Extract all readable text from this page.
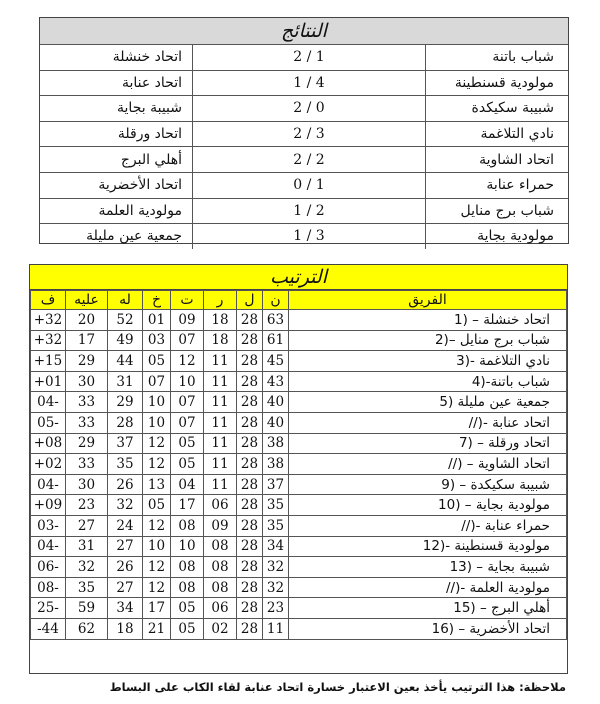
النتائج
اتحاد خنشلة	2 / 1	شباب باتنة
اتحاد عنابة	1 / 4	مولودية قسنطينة
شبيبة بجاية	2 / 0	شبيبة سكيكدة
اتحاد ورقلة	2 / 3	نادي التلاغمة
أهلي البرج	2 / 2	اتحاد الشاوية
اتحاد الأخضرية	0 / 1	حمراء عنابة
مولودية العلمة	1 / 2	شباب برج منايل
جمعية عين مليلة	1 / 3	مولودية بجاية
الترتيب
ف	عليه	له	خ	ت	ر	ل	ن	الفريق
+32	20	52	01	09	18	28	63	1) – اتحاد خنشلة
+32	17	49	03	07	18	28	61	2)– شباب برج منايل
+15	29	44	05	12	11	28	45	3)- نادي التلاغمة
+01	30	31	07	10	11	28	43	4)-شباب باتنة
04-	33	29	10	07	11	28	40	5) جمعية عين مليلة
05-	33	28	10	07	11	28	40	//)- اتحاد عنابة
+08	29	37	12	05	11	28	38	7) – اتحاد ورقلة
+02	33	35	12	05	11	28	38	//) – اتحاد الشاوية
04-	30	26	13	04	11	28	37	9) – شبيبة سكيكدة
+09	23	32	05	17	06	28	35	10) – مولودية بجاية
03-	27	24	12	08	09	28	35	//)- حمراء عنابة
04-	31	27	10	10	08	28	34	12)- مولودية قسنطينة
06-	32	26	12	08	08	28	32	13) – شبيبة بجاية
08-	35	27	12	08	08	28	32	//)- مولودية العلمة
25-	59	34	17	05	06	28	23	15) – أهلي البرج
-44	62	18	21	05	02	28	11	16) – اتحاد الأخضرية
ملاحظة: هذا الترتيب يأخذ بعين الاعتبار خسارة اتحاد عنابة لقاء الكاب على البساط
